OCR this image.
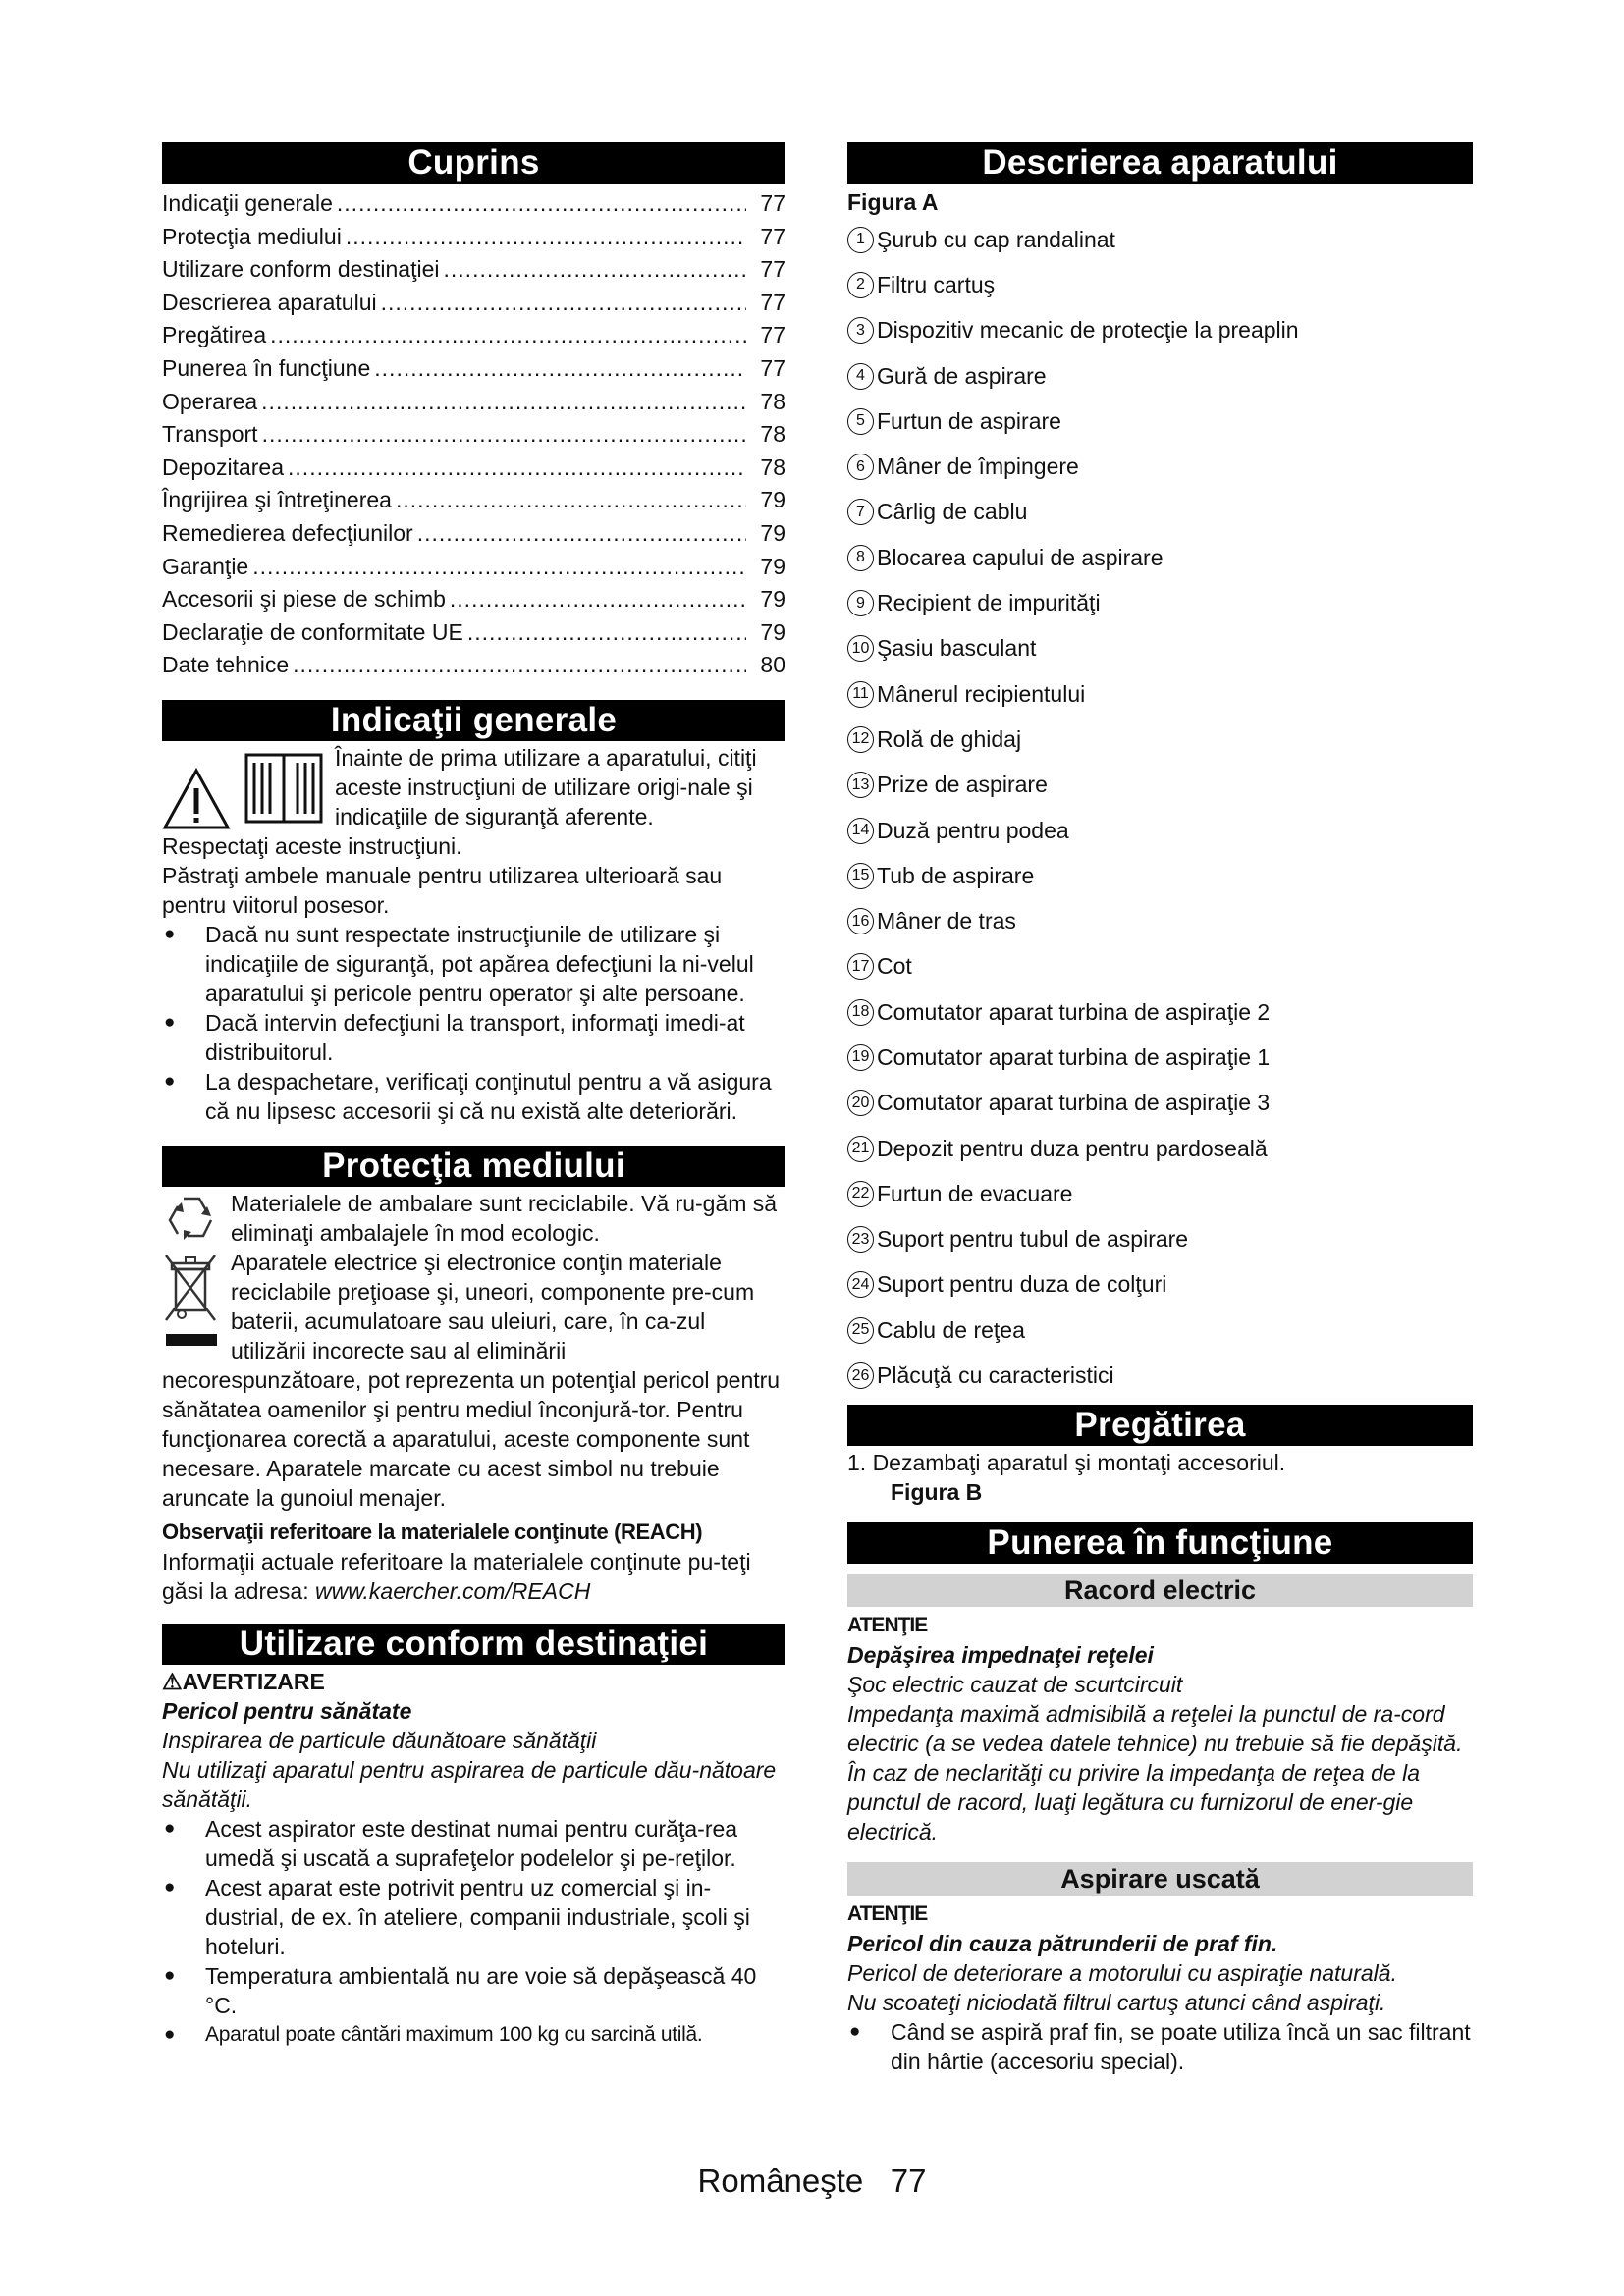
Cuprins
Indicaţii generale .....	77
Protecţia mediului .....	77
Utilizare conform destinaţiei .....	77
Descrierea aparatului .....	77
Pregătirea .....	77
Punerea în funcţiune .....	77
Operarea .....	78
Transport .....	78
Depozitarea .....	78
Îngrijirea şi întreţinerea .....	79
Remedierea defecţiunilor .....	79
Garanţie .....	79
Accesorii şi piese de schimb .....	79
Declaraţie de conformitate UE .....	79
Date tehnice .....	80
Indicaţii generale
Înainte de prima utilizare a aparatului, citiţi aceste instrucţiuni de utilizare origi-nale şi indicaţiile de siguranţă aferente.
Respectaţi aceste instrucţiuni.
Păstraţi ambele manuale pentru utilizarea ulterioară sau pentru viitorul posesor.
● Dacă nu sunt respectate instrucţiunile de utilizare şi indicaţiile de siguranţă, pot apărea defecţiuni la ni-velul aparatului şi pericole pentru operator şi alte persoane.
● Dacă intervin defecţiuni la transport, informaţi imedi-at distribuitorul.
● La despachetare, verificaţi conţinutul pentru a vă asigura că nu lipsesc accesorii şi că nu există alte deteriorări.
Protecţia mediului
Materialele de ambalare sunt reciclabile. Vă ru-găm să eliminaţi ambalajele în mod ecologic.
Aparatele electrice şi electronice conţin materiale reciclabile preţioase şi, uneori, componente pre-cum baterii, acumulatoare sau uleiuri, care, în ca-zul utilizării incorecte sau al eliminării
necorespunzătoare, pot reprezenta un potenţial pericol pentru sănătatea oamenilor şi pentru mediul înconjură-tor. Pentru funcţionarea corectă a aparatului, aceste componente sunt necesare. Aparatele marcate cu acest simbol nu trebuie aruncate la gunoiul menajer.
Observaţii referitoare la materialele conţinute (REACH)
Informaţii actuale referitoare la materialele conţinute pu-teţi găsi la adresa: www.kaercher.com/REACH
Utilizare conform destinaţiei
⚠AVERTIZARE
Pericol pentru sănătate
Inspirarea de particule dăunătoare sănătăţii
Nu utilizaţi aparatul pentru aspirarea de particule dău-nătoare sănătăţii.
● Acest aspirator este destinat numai pentru curăţa-rea umedă şi uscată a suprafeţelor podelelor şi pe-reţilor.
● Acest aparat este potrivit pentru uz comercial şi in-dustrial, de ex. în ateliere, companii industriale, şcoli şi hoteluri.
● Temperatura ambientală nu are voie să depăşească 40 °C.
● Aparatul poate cântări maximum 100 kg cu sarcină utilă.
Descrierea aparatului
Figura A
1 Şurub cu cap randalinat
2 Filtru cartuş
3 Dispozitiv mecanic de protecţie la preaplin
4 Gură de aspirare
5 Furtun de aspirare
6 Mâner de împingere
7 Cârlig de cablu
8 Blocarea capului de aspirare
9 Recipient de impurităţi
10 Şasiu basculant
11 Mânerul recipientului
12 Rolă de ghidaj
13 Prize de aspirare
14 Duză pentru podea
15 Tub de aspirare
16 Mâner de tras
17 Cot
18 Comutator aparat turbina de aspiraţie 2
19 Comutator aparat turbina de aspiraţie 1
20 Comutator aparat turbina de aspiraţie 3
21 Depozit pentru duza pentru pardoseală
22 Furtun de evacuare
23 Suport pentru tubul de aspirare
24 Suport pentru duza de colţuri
25 Cablu de reţea
26 Plăcuţă cu caracteristici
Pregătirea
1. Dezambaţi aparatul şi montaţi accesoriul.
Figura B
Punerea în funcţiune
Racord electric
ATENŢIE
Depăşirea impednaţei reţelei
Şoc electric cauzat de scurtcircuit
Impedanţa maximă admisibilă a reţelei la punctul de ra-cord electric (a se vedea datele tehnice) nu trebuie să fie depăşită.
În caz de neclarităţi cu privire la impedanţa de reţea de la punctul de racord, luaţi legătura cu furnizorul de ener-gie electrică.
Aspirare uscată
ATENŢIE
Pericol din cauza pătrunderii de praf fin.
Pericol de deteriorare a motorului cu aspiraţie naturală.
Nu scoateţi niciodată filtrul cartuş atunci când aspiraţi.
● Când se aspiră praf fin, se poate utiliza încă un sac filtrant din hârtie (accesoriu special).
Româneşte   77
